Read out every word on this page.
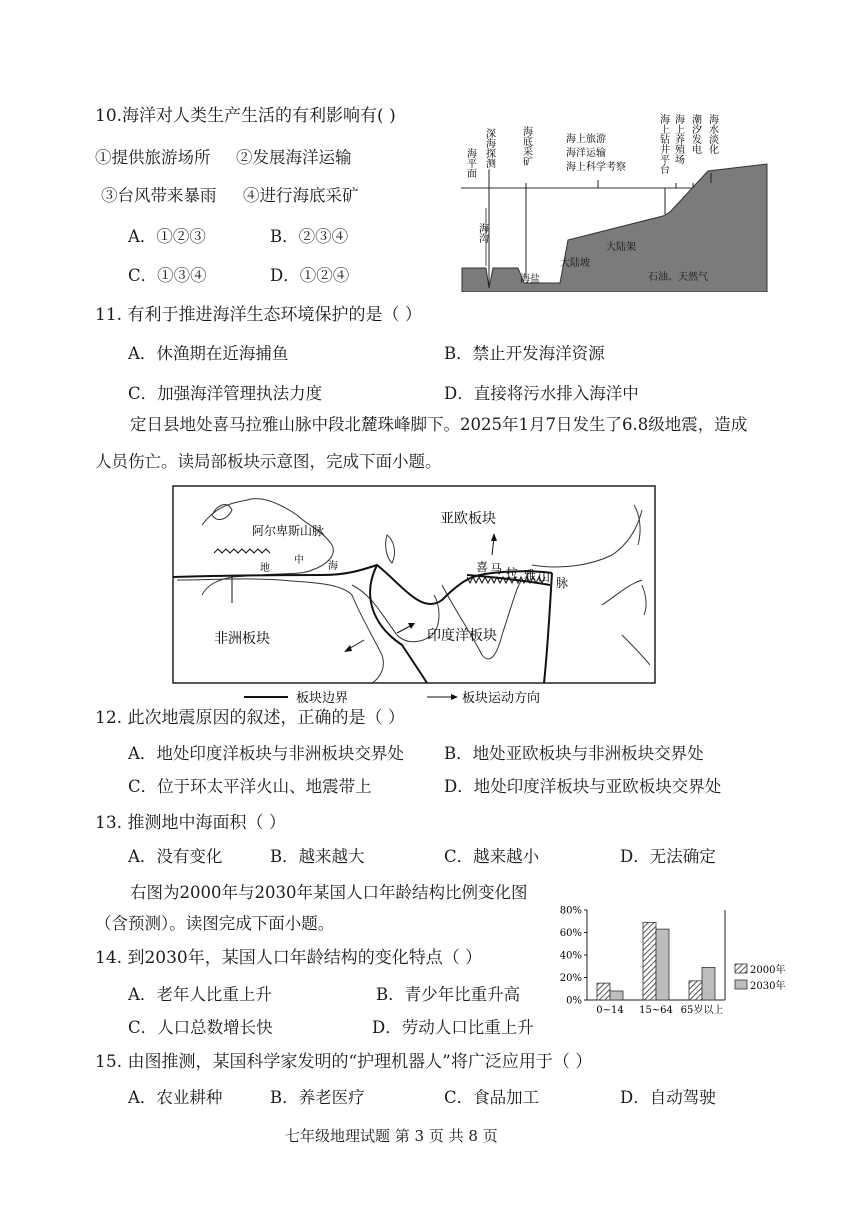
10.海洋对人类生产生活的有利影响有( )
①提供旅游场所 ②发展海洋运输
③台风带来暴雨 ④进行海底采矿
A．①②③	B．②③④
C．①③④	D．①②④
海平面 深海探测	海底采矿	海上旅游
海洋运输
海上科学考察	海上钻井平台 海上养殖场 潮汐发电 海水淡化
海沟
海盐
大陆坡
大陆架
石油、天然气
11. 有利于推进海洋生态环境保护的是（ ）
A．休渔期在近海捕鱼	B．禁止开发海洋资源
C．加强海洋管理执法力度	D．直接将污水排入海洋中
定日县地处喜马拉雅山脉中段北麓珠峰脚下。2025年1月7日发生了6.8级地震，造成
人员伤亡。读局部板块示意图，完成下面小题。
阿尔卑斯山脉
亚欧板块
非洲板块	印度洋板块
喜 马 拉 雅 山 脉
地
中
海
板块边界	板块运动方向
12. 此次地震原因的叙述，正确的是（ ）
A．地处印度洋板块与非洲板块交界处 B．地处亚欧板块与非洲板块交界处
C．位于环太平洋火山、地震带上	D．地处印度洋板块与亚欧板块交界处
13. 推测地中海面积（ ）
A．没有变化	B．越来越大	C．越来越小	D．无法确定
右图为2000年与2030年某国人口年龄结构比例变化图
（含预测）。读图完成下面小题。
14. 到2030年，某国人口年龄结构的变化特点（ ）
A．老年人比重上升	B．青少年比重升高
C．人口总数增长快	D．劳动人口比重上升
0%
20%
40%
60%
80%
0~14 15~64 65岁以上
2000年
2030年
15. 由图推测，某国科学家发明的“护理机器人”将广泛应用于（ ）
A．农业耕种	B．养老医疗	C．食品加工	D．自动驾驶
七年级地理试题 第 3 页 共 8 页
